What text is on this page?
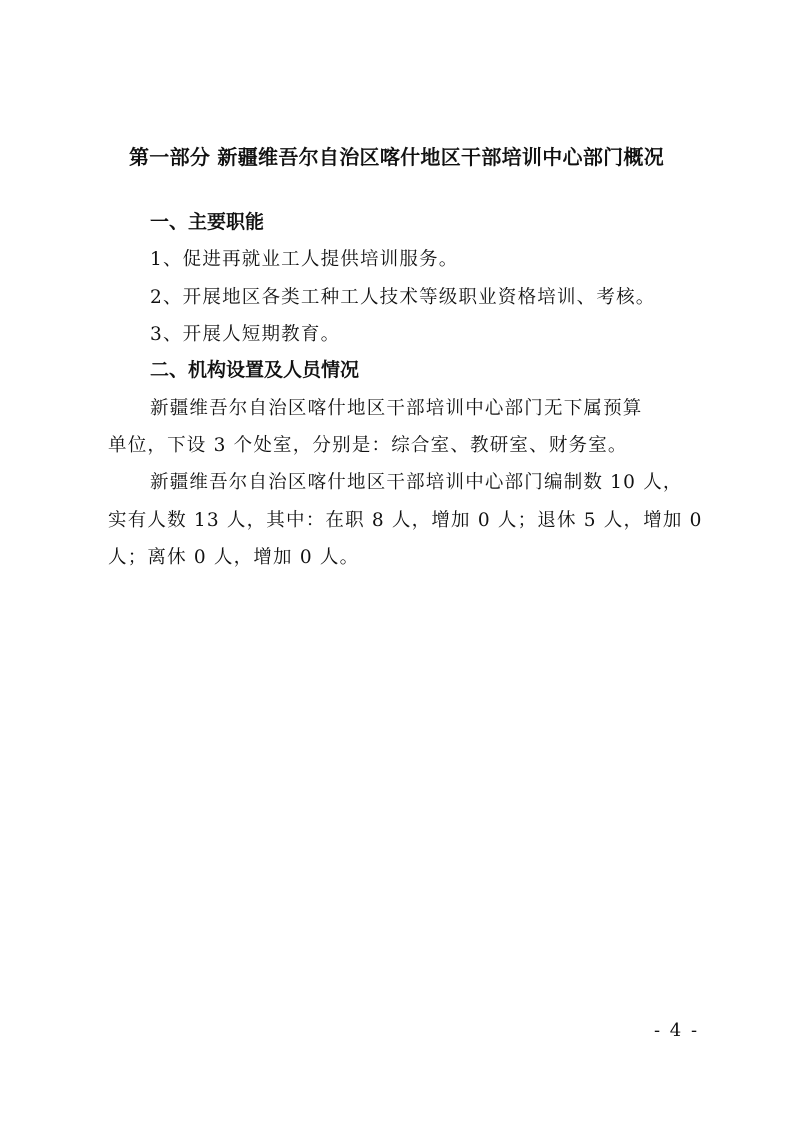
第一部分 新疆维吾尔自治区喀什地区干部培训中心部门概况
一、主要职能
1、促进再就业工人提供培训服务。
2、开展地区各类工种工人技术等级职业资格培训、考核。
3、开展人短期教育。
二、机构设置及人员情况
新疆维吾尔自治区喀什地区干部培训中心部门无下属预算
单位，下设 3 个处室，分别是：综合室、教研室、财务室。
新疆维吾尔自治区喀什地区干部培训中心部门编制数 10 人，
实有人数 13 人，其中：在职 8 人，增加 0 人；退休 5 人，增加 0
人；离休 0 人，增加 0 人。
- 4 -
